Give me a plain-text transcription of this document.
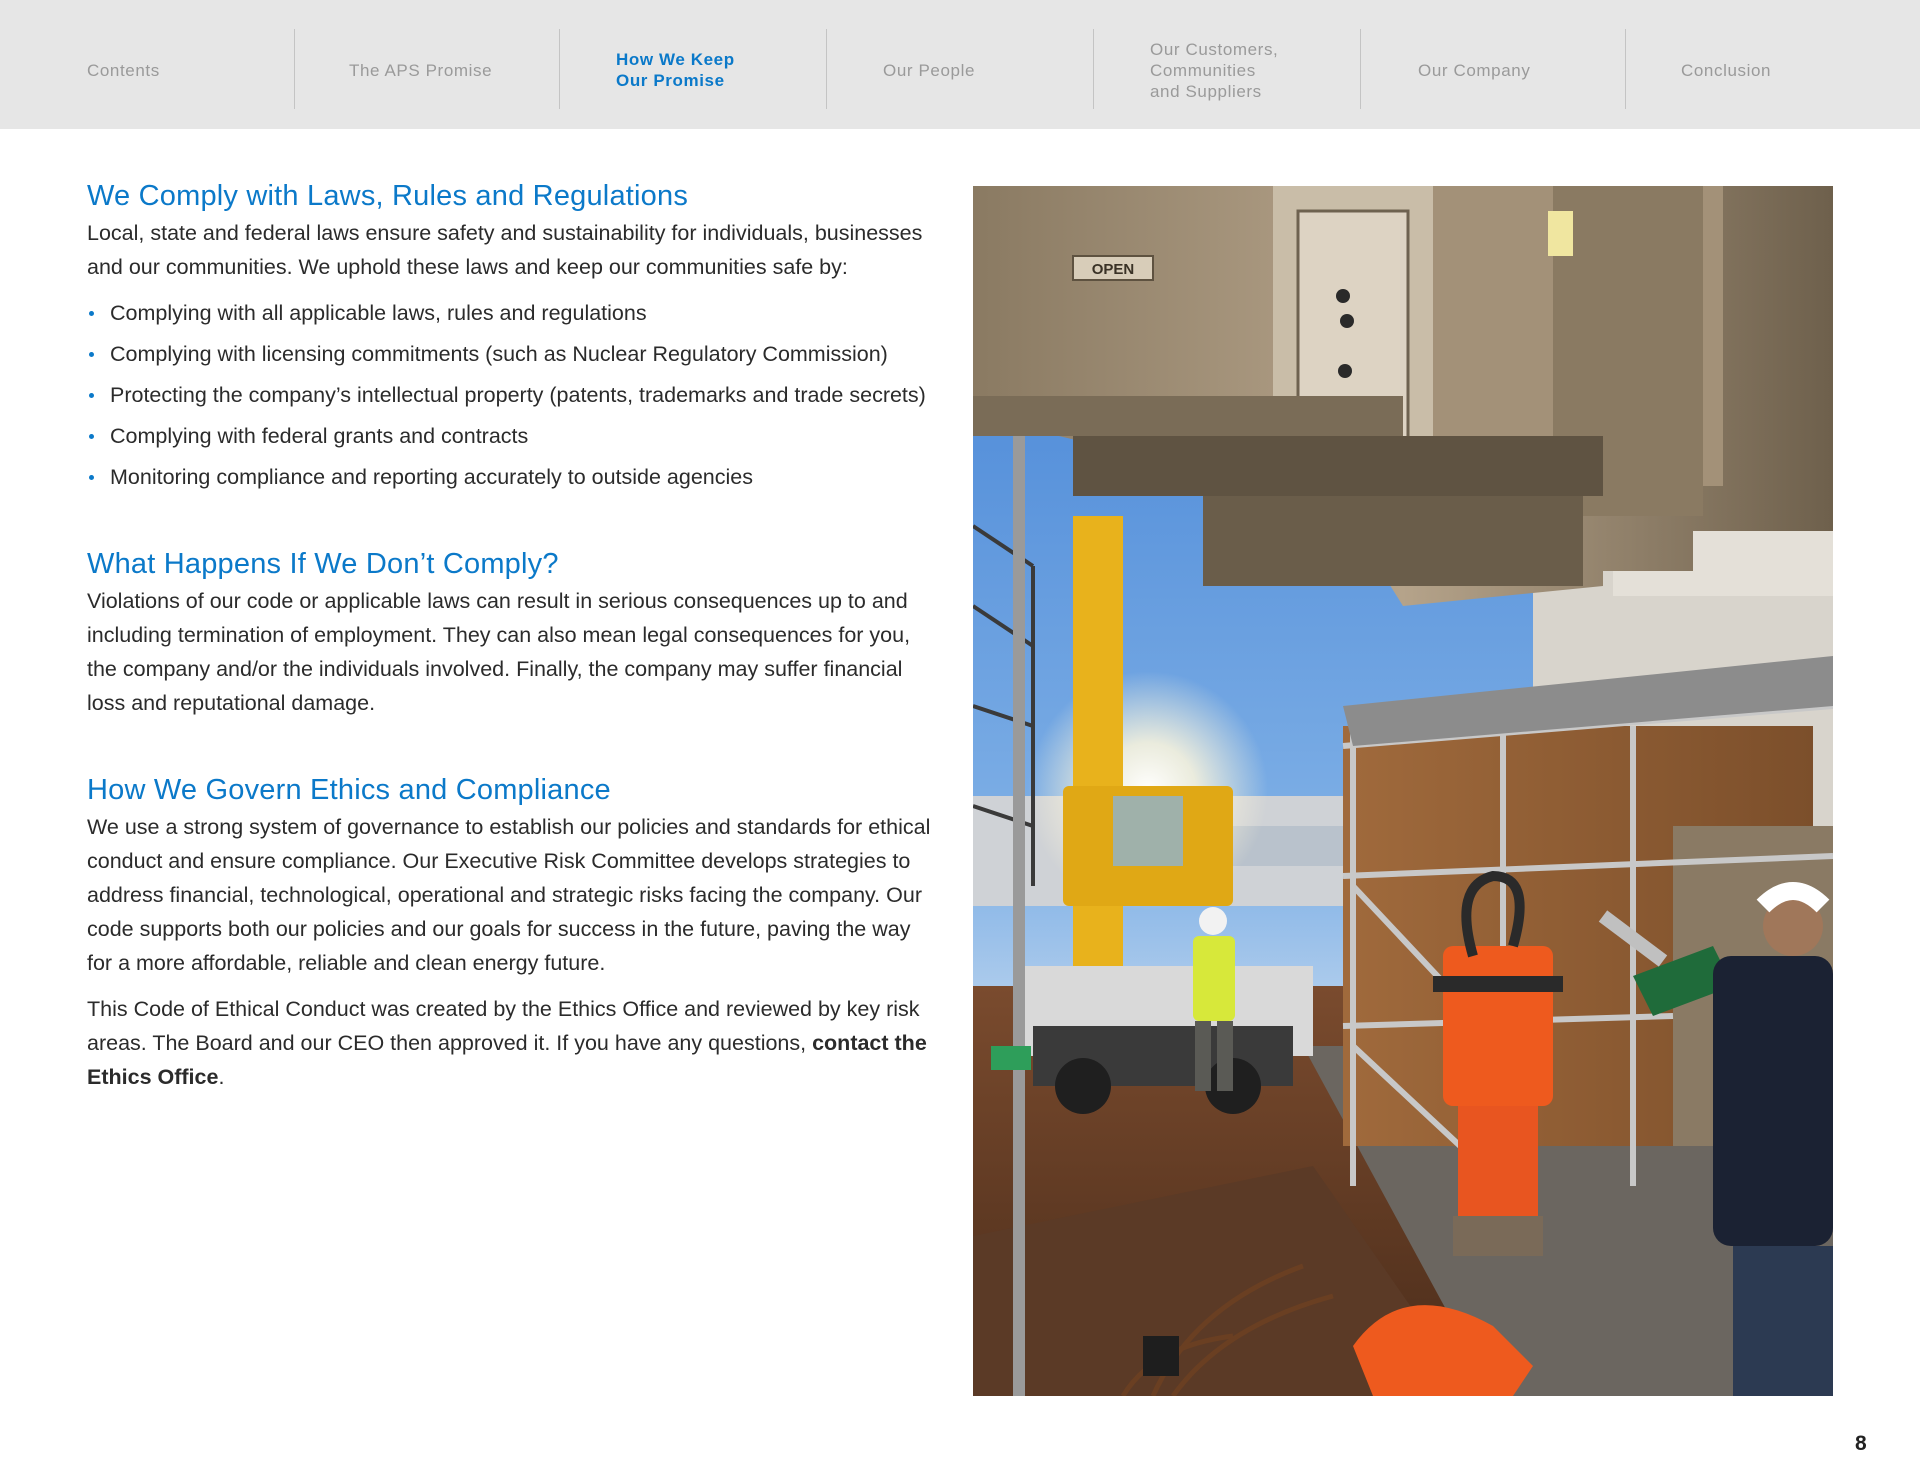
Contents	The APS Promise
How We Keep
Our Promise
Our People
Our Customers,
Communities
and Suppliers
Our Company	Conclusion
We Comply with Laws, Rules and Regulations

Local, state and federal laws ensure safety and sustainability for individuals, businesses and our communities. We uphold these laws and keep our communities safe by:

Complying with all applicable laws, rules and regulations
Complying with licensing commitments (such as Nuclear Regulatory Commission)
Protecting the company’s intellectual property (patents, trademarks and trade secrets)
Complying with federal grants and contracts
Monitoring compliance and reporting accurately to outside agencies
What Happens If We Don’t Comply?

Violations of our code or applicable laws can result in serious consequences up to and including termination of employment. They can also mean legal consequences for you, the company and/or the individuals involved. Finally, the company may suffer financial loss and reputational damage.

How We Govern Ethics and Compliance

We use a strong system of governance to establish our policies and standards for ethical conduct and ensure compliance. Our Executive Risk Committee develops strategies to address financial, technological, operational and strategic risks facing the company. Our code supports both our policies and our goals for success in the future, paving the way for a more affordable, reliable and clean energy future.

This Code of Ethical Conduct was created by the Ethics Office and reviewed by key risk areas. The Board and our CEO then approved it. If you have any questions, contact the Ethics Office.

OPEN
8
